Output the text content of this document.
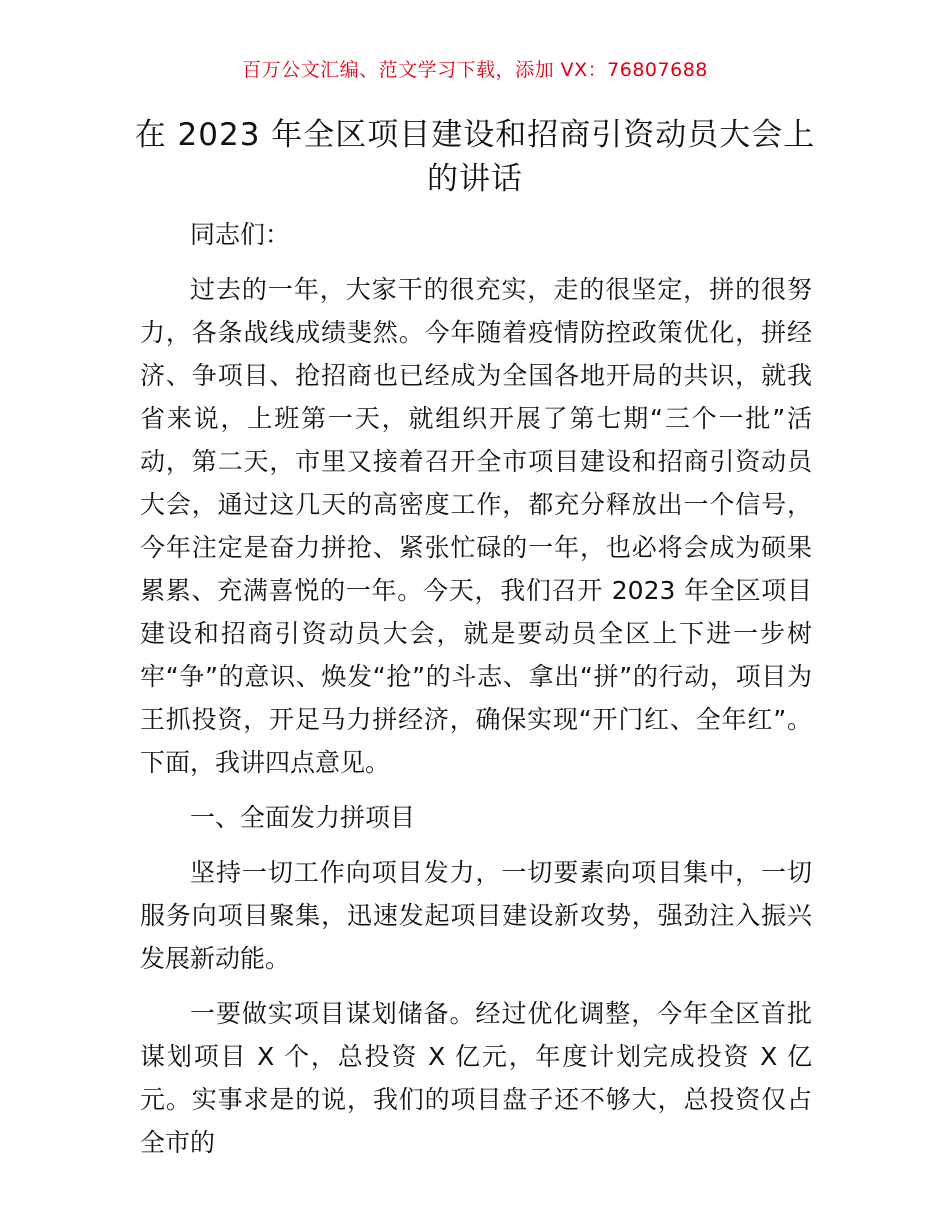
百万公文汇编、范文学习下载，添加 VX：76807688
在 2023 年全区项目建设和招商引资动员大会上的讲话

同志们：

过去的一年，大家干的很充实，走的很坚定，拼的很努力，各条战线成绩斐然。今年随着疫情防控政策优化，拼经济、争项目、抢招商也已经成为全国各地开局的共识，就我省来说，上班第一天，就组织开展了第七期“三个一批”活动，第二天，市里又接着召开全市项目建设和招商引资动员大会，通过这几天的高密度工作，都充分释放出一个信号，今年注定是奋力拼抢、紧张忙碌的一年，也必将会成为硕果累累、充满喜悦的一年。今天，我们召开 2023 年全区项目建设和招商引资动员大会，就是要动员全区上下进一步树牢“争”的意识、焕发“抢”的斗志、拿出“拼”的行动，项目为王抓投资，开足马力拼经济，确保实现“开门红、全年红”。下面，我讲四点意见。

一、全面发力拼项目

坚持一切工作向项目发力，一切要素向项目集中，一切服务向项目聚集，迅速发起项目建设新攻势，强劲注入振兴发展新动能。

一要做实项目谋划储备。经过优化调整，今年全区首批谋划项目 X 个，总投资 X 亿元，年度计划完成投资 X 亿元。实事求是的说，我们的项目盘子还不够大，总投资仅占全市的
